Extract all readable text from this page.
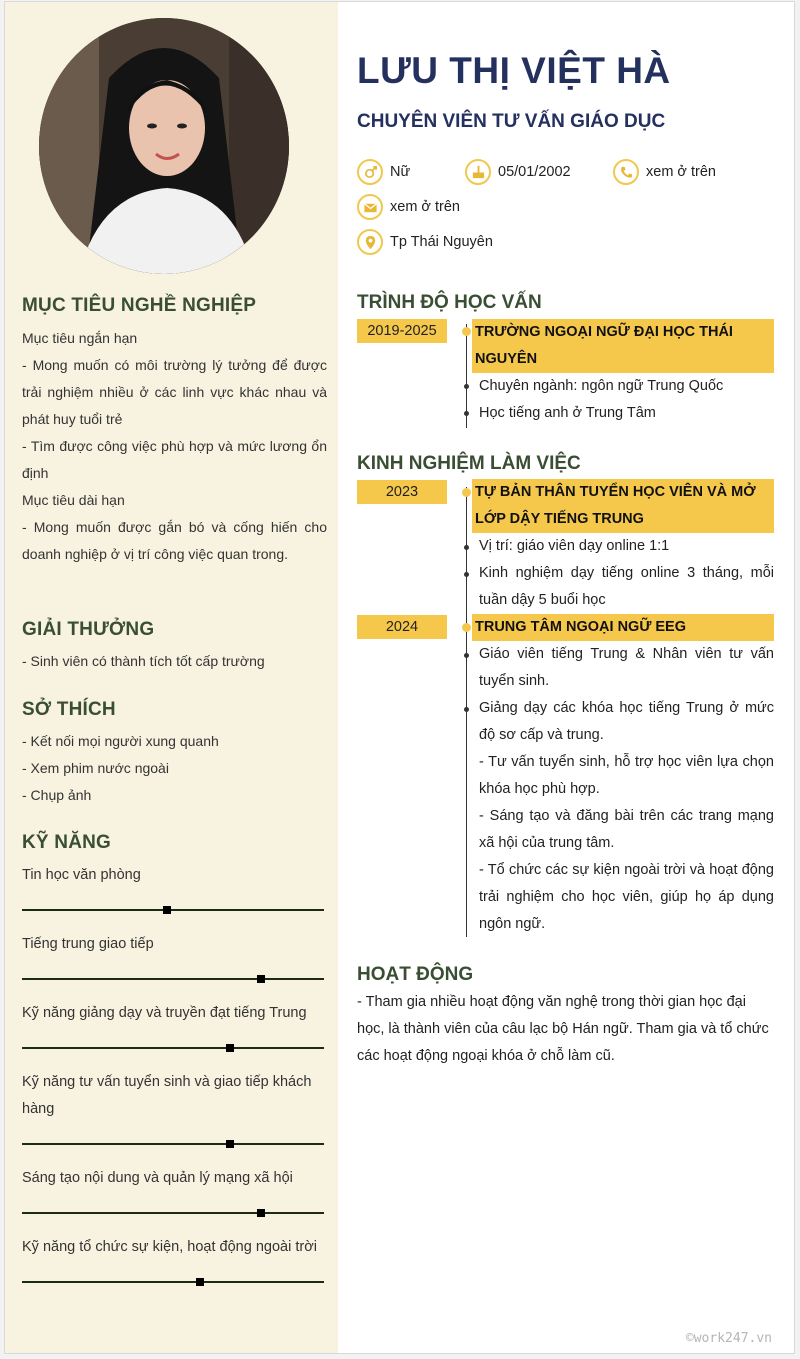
MỤC TIÊU NGHỀ NGHIỆP
Mục tiêu ngắn hạn
- Mong muốn có môi trường lý tưởng để được trải nghiệm nhiều ở các linh vực khác nhau và phát huy tuổi trẻ
- Tìm được công việc phù hợp và mức lương ổn định
Mục tiêu dài hạn
- Mong muốn được gắn bó và cống hiến cho doanh nghiệp ở vị trí công việc quan trong.
GIẢI THƯỞNG
- Sinh viên có thành tích tốt cấp trường
SỞ THÍCH
- Kết nối mọi người xung quanh
- Xem phim nước ngoài
- Chụp ảnh
KỸ NĂNG
Tin học văn phòng
Tiếng trung giao tiếp
Kỹ năng giảng dạy và truyền đạt tiếng Trung
Kỹ năng tư vấn tuyển sinh và giao tiếp khách hàng
Sáng tạo nội dung và quản lý mạng xã hội
Kỹ năng tổ chức sự kiện, hoạt động ngoài trời
LƯU THỊ VIỆT HÀ
CHUYÊN VIÊN TƯ VẤN GIÁO DỤC
Nữ	05/01/2002	xem ở trên
xem ở trên
Tp Thái Nguyên
TRÌNH ĐỘ HỌC VẤN
2019-2025	TRƯỜNG NGOẠI NGỮ ĐẠI HỌC THÁI
NGUYÊN
Chuyên ngành: ngôn ngữ Trung Quốc
Học tiếng anh ở Trung Tâm
KINH NGHIỆM LÀM VIỆC
2023	TỰ BẢN THÂN TUYỂN HỌC VIÊN VÀ MỞ
LỚP DẬY TIẾNG TRUNG
Vị trí: giáo viên dạy online 1:1
Kinh nghiệm dạy tiếng online 3 tháng, mỗi tuần dậy 5 buổi học
2024	TRUNG TÂM NGOẠI NGỮ EEG
Giáo viên tiếng Trung & Nhân viên tư vấn tuyển sinh.
Giảng dạy các khóa học tiếng Trung ở mức độ sơ cấp và trung.
- Tư vấn tuyển sinh, hỗ trợ học viên lựa chọn khóa học phù hợp.
- Sáng tạo và đăng bài trên các trang mạng xã hội của trung tâm.
- Tổ chức các sự kiện ngoài trời và hoạt động trải nghiệm cho học viên, giúp họ áp dụng ngôn ngữ.
HOẠT ĐỘNG
- Tham gia nhiều hoạt động văn nghệ trong thời gian học đại học, là thành viên của câu lạc bộ Hán ngữ. Tham gia và tổ chức các hoạt động ngoại khóa ở chỗ làm cũ.
©work247.vn
